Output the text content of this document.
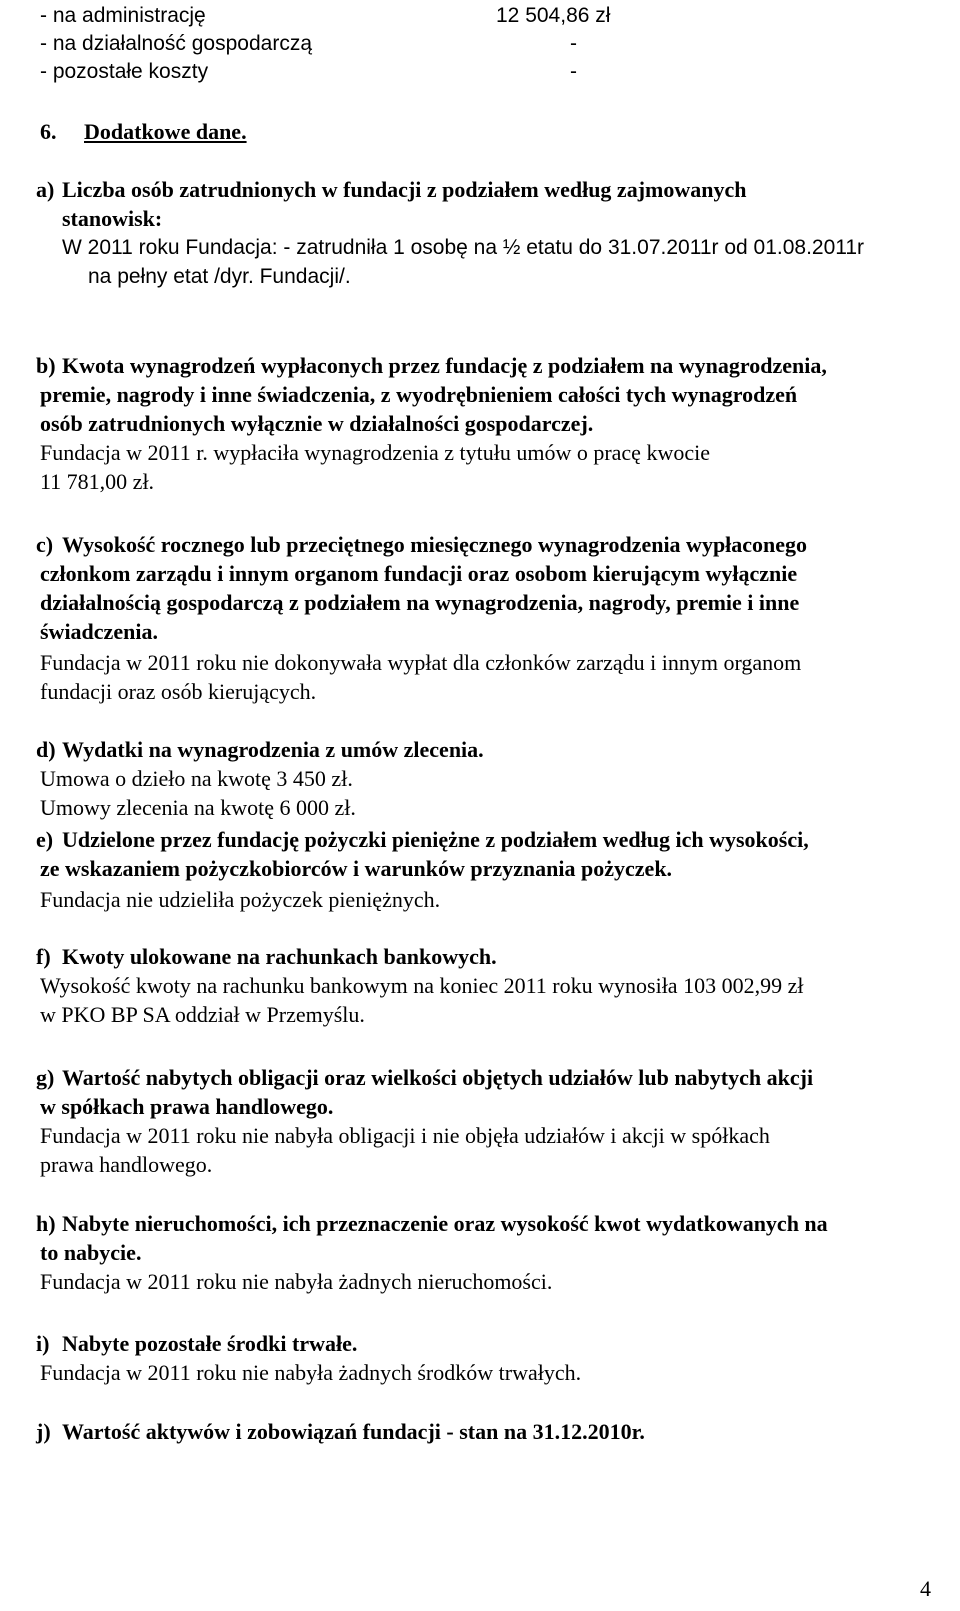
- na administrację	12 504,86 zł
- na działalność gospodarczą	-
- pozostałe koszty	-
6. Dodatkowe dane.
a) Liczba osób zatrudnionych w fundacji z podziałem według zajmowanych
stanowisk:
W 2011 roku Fundacja: - zatrudniła 1 osobę na ½ etatu do 31.07.2011r od 01.08.2011r
na pełny etat /dyr. Fundacji/.
b) Kwota wynagrodzeń wypłaconych przez fundację z podziałem na wynagrodzenia,
premie, nagrody i inne świadczenia, z wyodrębnieniem całości tych wynagrodzeń
osób zatrudnionych wyłącznie w działalności gospodarczej.
Fundacja w 2011 r. wypłaciła wynagrodzenia z tytułu umów o pracę kwocie
11 781,00 zł.
c) Wysokość rocznego lub przeciętnego miesięcznego wynagrodzenia wypłaconego
członkom zarządu i innym organom fundacji oraz osobom kierującym wyłącznie
działalnością gospodarczą z podziałem na wynagrodzenia, nagrody, premie i inne
świadczenia.
Fundacja w 2011 roku nie dokonywała wypłat dla członków zarządu i innym organom
fundacji oraz osób kierujących.
d) Wydatki na wynagrodzenia z umów zlecenia.
Umowa o dzieło na kwotę 3 450 zł.
Umowy zlecenia na kwotę 6 000 zł.
e) Udzielone przez fundację pożyczki pieniężne z podziałem według ich wysokości,
ze wskazaniem pożyczkobiorców i warunków przyznania pożyczek.
Fundacja nie udzieliła pożyczek pieniężnych.
f) Kwoty ulokowane na rachunkach bankowych.
Wysokość kwoty na rachunku bankowym na koniec 2011 roku wynosiła 103 002,99 zł
w PKO BP SA oddział w Przemyślu.
g) Wartość nabytych obligacji oraz wielkości objętych udziałów lub nabytych akcji
w spółkach prawa handlowego.
Fundacja w 2011 roku nie nabyła obligacji i nie objęła udziałów i akcji w spółkach
prawa handlowego.
h) Nabyte nieruchomości, ich przeznaczenie oraz wysokość kwot wydatkowanych na
to nabycie.
Fundacja w 2011 roku nie nabyła żadnych nieruchomości.
i) Nabyte pozostałe środki trwałe.
Fundacja w 2011 roku nie nabyła żadnych środków trwałych.
j) Wartość aktywów i zobowiązań fundacji - stan na 31.12.2010r.
4
